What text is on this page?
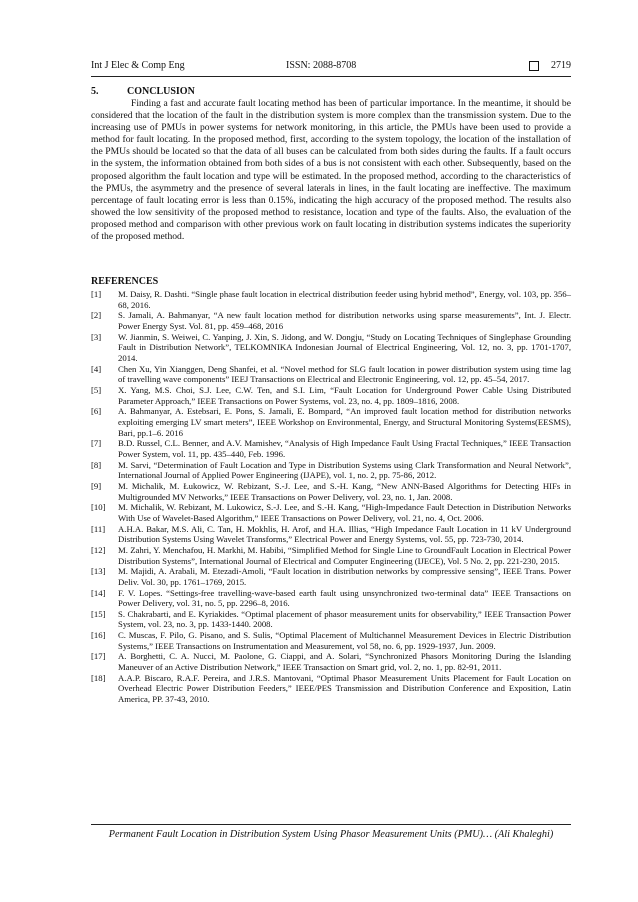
Int J Elec & Comp Eng	ISSN: 2088-8708	2719

5.	CONCLUSION

Finding a fast and accurate fault locating method has been of particular importance. In the meantime, it should be considered that the location of the fault in the distribution system is more complex than the transmission system. Due to the increasing use of PMUs in power systems for network monitoring, in this article, the PMUs have been used to provide a method for fault locating. In the proposed method, first, according to the system topology, the location of the installation of the PMUs should be located so that the data of all buses can be calculated from both sides during the faults. If a fault occurs in the system, the information obtained from both sides of a bus is not consistent with each other. Subsequently, based on the proposed algorithm the fault location and type will be estimated. In the proposed method, according to the characteristics of the PMUs, the asymmetry and the presence of several laterals in lines, in the fault locating are ineffective. The maximum percentage of fault locating error is less than 0.15%, indicating the high accuracy of the proposed method. The results also showed the low sensitivity of the proposed method to resistance, location and type of the faults. Also, the evaluation of the proposed method and comparison with other previous work on fault locating in distribution systems indicates the superiority of the proposed method.

REFERENCES

[1]	M. Daisy, R. Dashti. “Single phase fault location in electrical distribution feeder using hybrid method”, Energy, vol. 103, pp. 356–68, 2016.
[2]	S. Jamali, A. Bahmanyar, “A new fault location method for distribution networks using sparse measurements”, Int. J. Electr. Power Energy Syst. Vol. 81, pp. 459–468, 2016
[3]	W. Jianmin, S. Weiwei, C. Yanping, J. Xin, S. Jidong, and W. Dongju, “Study on Locating Techniques of Singlephase Grounding Fault in Distribution Network”, TELKOMNIKA Indonesian Journal of Electrical Engineering, Vol. 12, no. 3, pp. 1701-1707, 2014.
[4]	Chen Xu, Yin Xianggen, Deng Shanfei, et al. “Novel method for SLG fault location in power distribution system using time lag of travelling wave components” IEEJ Transactions on Electrical and Electronic Engineering, vol. 12, pp. 45–54, 2017.
[5]	X. Yang, M.S. Choi, S.J. Lee, C.W. Ten, and S.I. Lim, “Fault Location for Underground Power Cable Using Distributed Parameter Approach,” IEEE Transactions on Power Systems, vol. 23, no. 4, pp. 1809–1816, 2008.
[6]	A. Bahmanyar, A. Estebsari, E. Pons, S. Jamali, E. Bompard, “An improved fault location method for distribution networks exploiting emerging LV smart meters”, IEEE Workshop on Environmental, Energy, and Structural Monitoring Systems(EESMS), Bari, pp.1–6. 2016
[7]	B.D. Russel, C.L. Benner, and A.V. Mamishev, “Analysis of High Impedance Fault Using Fractal Techniques,” IEEE Transaction Power System, vol. 11, pp. 435–440, Feb. 1996.
[8]	M. Sarvi, “Determination of Fault Location and Type in Distribution Systems using Clark Transformation and Neural Network”, International Journal of Applied Power Engineering (IJAPE), vol. 1, no. 2, pp. 75-86, 2012.
[9]	M. Michalik, M. Łukowicz, W. Rebizant, S.-J. Lee, and S.-H. Kang, “New ANN-Based Algorithms for Detecting HIFs in Multigrounded MV Networks,” IEEE Transactions on Power Delivery, vol. 23, no. 1, Jan. 2008.
[10]	M. Michalik, W. Rebizant, M. Lukowicz, S.-J. Lee, and S.-H. Kang, “High-Impedance Fault Detection in Distribution Networks With Use of Wavelet-Based Algorithm,” IEEE Transactions on Power Delivery, vol. 21, no. 4, Oct. 2006.
[11]	A.H.A. Bakar, M.S. Ali, C. Tan, H. Mokhlis, H. Arof, and H.A. Illias, “High Impedance Fault Location in 11 kV Underground Distribution Systems Using Wavelet Transforms,” Electrical Power and Energy Systems, vol. 55, pp. 723-730, 2014.
[12]	M. Zahri, Y. Menchafou, H. Markhi, M. Habibi, “Simplified Method for Single Line to GroundFault Location in Electrical Power Distribution Systems”, International Journal of Electrical and Computer Engineering (IJECE), Vol. 5 No. 2, pp. 221-230, 2015.
[13]	M. Majidi, A. Arabali, M. Etezadi-Amoli, “Fault location in distribution networks by compressive sensing”, IEEE Trans. Power Deliv. Vol. 30, pp. 1761–1769, 2015.
[14]	F. V. Lopes. “Settings-free travelling-wave-based earth fault using unsynchronized two-terminal data” IEEE Transactions on Power Delivery, vol. 31, no. 5, pp. 2296–8, 2016.
[15]	S. Chakrabarti, and E. Kyriakides. “Optimal placement of phasor measurement units for observability,” IEEE Transaction Power System, vol. 23, no. 3, pp. 1433-1440. 2008.
[16]	C. Muscas, F. Pilo, G. Pisano, and S. Sulis, “Optimal Placement of Multichannel Measurement Devices in Electric Distribution Systems,” IEEE Transactions on Instrumentation and Measurement, vol 58, no. 6, pp. 1929-1937, Jun. 2009.
[17]	A. Borghetti, C. A. Nucci, M. Paolone, G. Ciappi, and A. Solari, “Synchronized Phasors Monitoring During the Islanding Maneuver of an Active Distribution Network,” IEEE Transaction on Smart grid, vol. 2, no. 1, pp. 82-91, 2011.
[18]	A.A.P. Biscaro, R.A.F. Pereira, and J.R.S. Mantovani, “Optimal Phasor Measurement Units Placement for Fault Location on Overhead Electric Power Distribution Feeders,” IEEE/PES Transmission and Distribution Conference and Exposition, Latin America, PP. 37-43, 2010.
Permanent Fault Location in Distribution System Using Phasor Measurement Units (PMU)… (Ali Khaleghi)
